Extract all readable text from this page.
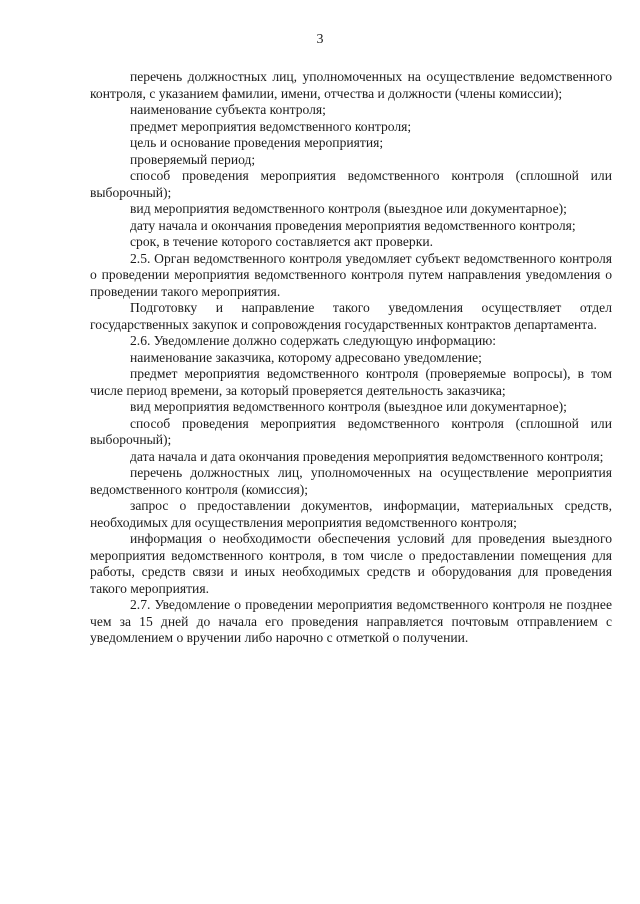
3

перечень должностных лиц, уполномоченных на осуществление ведомственного контроля, с указанием фамилии, имени, отчества и должности (члены комиссии);

наименование субъекта контроля;

предмет мероприятия ведомственного контроля;

цель и основание проведения мероприятия;

проверяемый период;

способ проведения мероприятия ведомственного контроля (сплошной или выборочный);

вид мероприятия ведомственного контроля (выездное или документарное);

дату начала и окончания проведения мероприятия ведомственного контроля;

срок, в течение которого составляется акт проверки.

2.5. Орган ведомственного контроля уведомляет субъект ведомственного контроля о проведении мероприятия ведомственного контроля путем направления уведомления о проведении такого мероприятия.

Подготовку и направление такого уведомления осуществляет отдел государственных закупок и сопровождения государственных контрактов департамента.

2.6. Уведомление должно содержать следующую информацию:

наименование заказчика, которому адресовано уведомление;

предмет мероприятия ведомственного контроля (проверяемые вопросы), в том числе период времени, за который проверяется деятельность заказчика;

вид мероприятия ведомственного контроля (выездное или документарное);

способ проведения мероприятия ведомственного контроля (сплошной или выборочный);

дата начала и дата окончания проведения мероприятия ведомственного контроля;

перечень должностных лиц, уполномоченных на осуществление мероприятия ведомственного контроля (комиссия);

запрос о предоставлении документов, информации, материальных средств, необходимых для осуществления мероприятия ведомственного контроля;

информация о необходимости обеспечения условий для проведения выездного мероприятия ведомственного контроля, в том числе о предоставлении помещения для работы, средств связи и иных необходимых средств и оборудования для проведения такого мероприятия.

2.7. Уведомление о проведении мероприятия ведомственного контроля не позднее чем за 15 дней до начала его проведения направляется почтовым отправлением с уведомлением о вручении либо нарочно с отметкой о получении.
